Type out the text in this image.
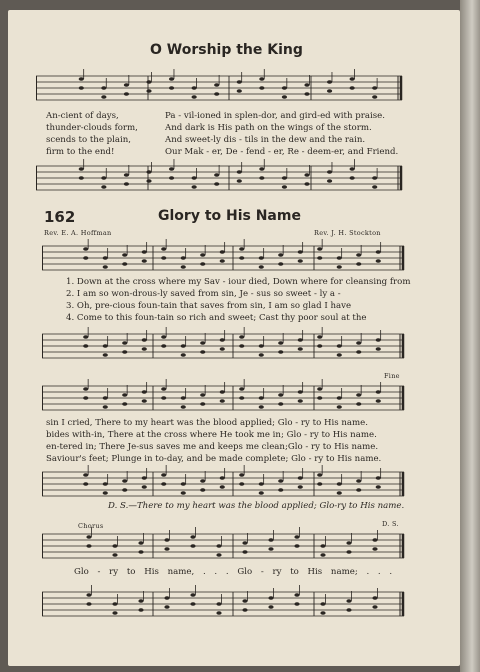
O Worship the King
An-cient of days,	Pa - vil-ioned in splen-dor, and gird-ed with praise.
thunder-clouds form,	And dark is His path on the wings of the storm.
scends to the plain,	And sweet-ly dis - tils in the dew and the rain.
firm to the end!	Our Mak - er, De - fend - er, Re - deem-er, and Friend.
162	Glory to His Name
Rev. E. A. Hoffman	Rev. J. H. Stockton
1. Down at the cross where my Sav - iour died, Down where for cleansing from
2. I am so won-drous-ly saved from sin, Je - sus so sweet - ly a -
3. Oh, pre-cious foun-tain that saves from sin, I am so glad I have
4. Come to this foun-tain so rich and sweet; Cast thy poor soul at the
Fine
sin I cried, There to my heart was the blood applied; Glo - ry to His name.
bides with-in, There at the cross where He took me in; Glo - ry to His name.
en-tered in; There Je-sus saves me and keeps me clean;Glo - ry to His name.
Saviour's feet; Plunge in to-day, and be made complete; Glo - ry to His name.
D. S.—There to my heart was the blood applied; Glo-ry to His name.
Chorus	D. S.
Glo - ry to His name, . . . Glo - ry to His name; . . .
